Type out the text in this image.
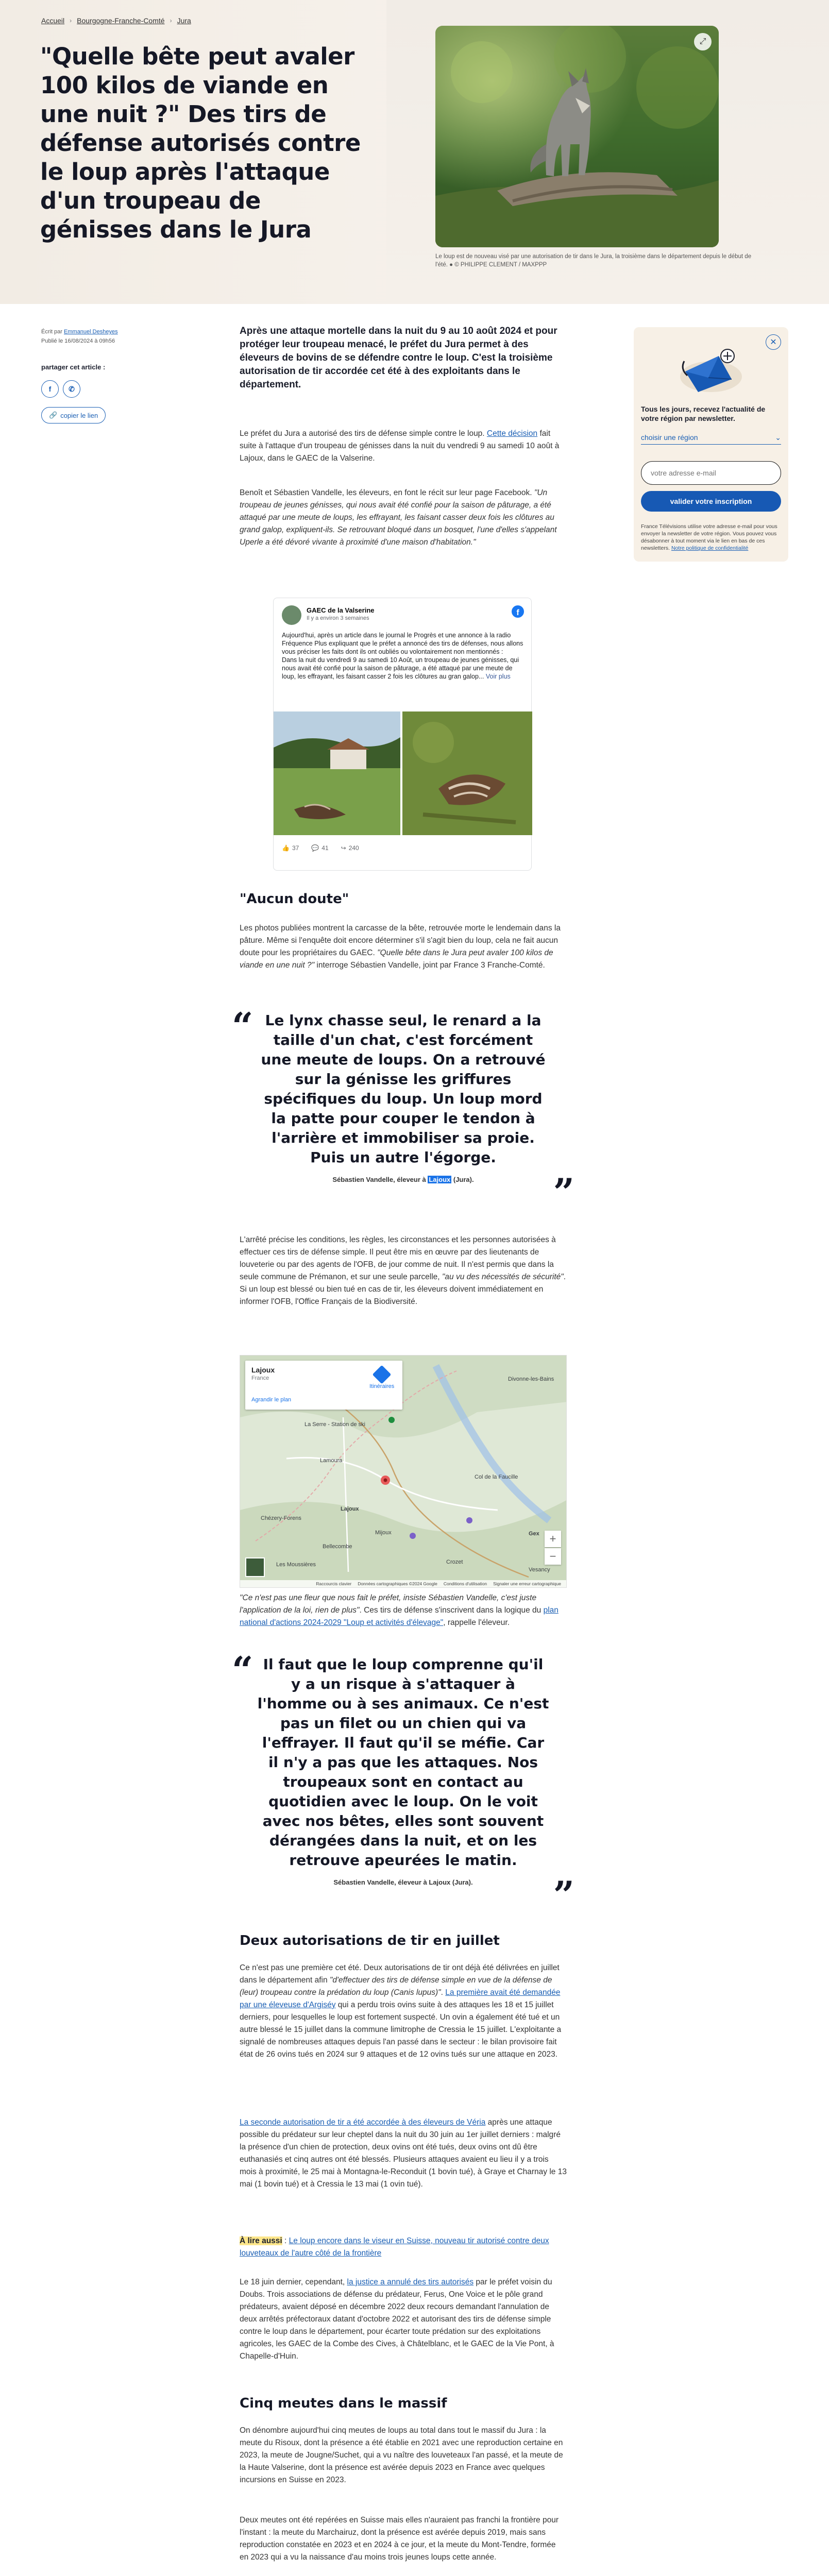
Accueil › Bourgogne-Franche-Comté › Jura
"Quelle bête peut avaler 100 kilos de viande en une nuit ?" Des tirs de défense autorisés contre le loup après l'attaque d'un troupeau de génisses dans le Jura
⤢

Le loup est de nouveau visé par une autorisation de tir dans le Jura, la troisième dans le département depuis le début de l'été. ● © PHILIPPE CLEMENT / MAXPPP

Écrit par Emmanuel Desheyes
Publié le 16/08/2024 à 09h56
partager cet article :
f ✆
🔗 copier le lien
✕

Tous les jours, recevez l'actualité de votre région par newsletter.

choisir une région	⌄
votre adresse e-mail
valider votre inscription

France Télévisions utilise votre adresse e-mail pour vous envoyer la newsletter de votre région. Vous pouvez vous désabonner à tout moment via le lien en bas de ces newsletters. Notre politique de confidentialité

Après une attaque mortelle dans la nuit du 9 au 10 août 2024 et pour protéger leur troupeau menacé, le préfet du Jura permet à des éleveurs de bovins de se défendre contre le loup. C'est la troisième autorisation de tir accordée cet été à des exploitants dans le département.

Le préfet du Jura a autorisé des tirs de défense simple contre le loup. Cette décision fait suite à l'attaque d'un troupeau de génisses dans la nuit du vendredi 9 au samedi 10 août à Lajoux, dans le GAEC de la Valserine.

Benoît et Sébastien Vandelle, les éleveurs, en font le récit sur leur page Facebook. "Un troupeau de jeunes génisses, qui nous avait été confié pour la saison de pâturage, a été attaqué par une meute de loups, les effrayant, les faisant casser deux fois les clôtures au grand galop, expliquent-ils. Se retrouvant bloqué dans un bosquet, l'une d'elles s'appelant Uperle a été dévoré vivante à proximité d'une maison d'habitation."

GAEC de la Valserine
Il y a environ 3 semaines
f
Aujourd'hui, après un article dans le journal le Progrès et une annonce à la radio Fréquence Plus expliquant que le préfet a annoncé des tirs de défenses, nous allons vous préciser les faits dont ils ont oubliés ou volontairement non mentionnés :
Dans la nuit du vendredi 9 au samedi 10 Août, un troupeau de jeunes génisses, qui nous avait été confié pour la saison de pâturage, a été attaqué par une meute de loup, les effrayant, les faisant casser 2 fois les clôtures au gran galop... Voir plus
👍 37 💬 41 ↪ 240
"Aucun doute"

Les photos publiées montrent la carcasse de la bête, retrouvée morte le lendemain dans la pâture. Même si l'enquête doit encore déterminer s'il s'agit bien du loup, cela ne fait aucun doute pour les propriétaires du GAEC. "Quelle bête dans le Jura peut avaler 100 kilos de viande en une nuit ?" interroge Sébastien Vandelle, joint par France 3 Franche-Comté.

“ Le lynx chasse seul, le renard a la taille d'un chat, c'est forcément une meute de loups. On a retrouvé sur la génisse les griffures spécifiques du loup. Un loup mord la patte pour couper le tendon à l'arrière et immobiliser sa proie. Puis un autre l'égorge.

”

Sébastien Vandelle, éleveur à Lajoux (Jura).

L'arrêté précise les conditions, les règles, les circonstances et les personnes autorisées à effectuer ces tirs de défense simple. Il peut être mis en œuvre par des lieutenants de louveterie ou par des agents de l'OFB, de jour comme de nuit. Il n'est permis que dans la seule commune de Prémanon, et sur une seule parcelle, "au vu des nécessités de sécurité". Si un loup est blessé ou bien tué en cas de tir, les éleveurs doivent immédiatement en informer l'OFB, l'Office Français de la Biodiversité.

Lamoura
La Serre - Station de ski
Lajoux
Mijoux
Col de la Faucille
Gex
Divonne-les-Bains
Crozet
Les Moussières
Bellecombe
Chézery-Forens
Vesancy
Lajoux
France
Agrandir le plan
Itinéraires
+
−
Raccourcis clavier Données cartographiques ©2024 Google Conditions d'utilisation Signaler une erreur cartographique

"Ce n'est pas une fleur que nous fait le préfet, insiste Sébastien Vandelle, c'est juste l'application de la loi, rien de plus". Ces tirs de défense s'inscrivent dans la logique du plan national d'actions 2024-2029 "Loup et activités d'élevage", rappelle l'éleveur.

“ Il faut que le loup comprenne qu'il y a un risque à s'attaquer à l'homme ou à ses animaux. Ce n'est pas un filet ou un chien qui va l'effrayer. Il faut qu'il se méfie. Car il n'y a pas que les attaques. Nos troupeaux sont en contact au quotidien avec le loup. On le voit avec nos bêtes, elles sont souvent dérangées dans la nuit, et on les retrouve apeurées le matin.

”

Sébastien Vandelle, éleveur à Lajoux (Jura).

Deux autorisations de tir en juillet

Ce n'est pas une première cet été. Deux autorisations de tir ont déjà été délivrées en juillet dans le département afin "d'effectuer des tirs de défense simple en vue de la défense de (leur) troupeau contre la prédation du loup (Canis lupus)". La première avait été demandée par une éleveuse d'Argiséy qui a perdu trois ovins suite à des attaques les 18 et 15 juillet derniers, pour lesquelles le loup est fortement suspecté. Un ovin a également été tué et un autre blessé le 15 juillet dans la commune limitrophe de Cressia le 15 juillet. L'exploitante a signalé de nombreuses attaques depuis l'an passé dans le secteur : le bilan provisoire fait état de 26 ovins tués en 2024 sur 9 attaques et de 12 ovins tués sur une attaque en 2023.

La seconde autorisation de tir a été accordée à des éleveurs de Véria après une attaque possible du prédateur sur leur cheptel dans la nuit du 30 juin au 1er juillet derniers : malgré la présence d'un chien de protection, deux ovins ont été tués, deux ovins ont dû être euthanasiés et cinq autres ont été blessés. Plusieurs attaques avaient eu lieu il y a trois mois à proximité, le 25 mai à Montagna-le-Reconduit (1 bovin tué), à Graye et Charnay le 13 mai (1 bovin tué) et à Cressia le 13 mai (1 ovin tué).

À lire aussi : Le loup encore dans le viseur en Suisse, nouveau tir autorisé contre deux louveteaux de l'autre côté de la frontière

Le 18 juin dernier, cependant, la justice a annulé des tirs autorisés par le préfet voisin du Doubs. Trois associations de défense du prédateur, Ferus, One Voice et le pôle grand prédateurs, avaient déposé en décembre 2022 deux recours demandant l'annulation de deux arrêtés préfectoraux datant d'octobre 2022 et autorisant des tirs de défense simple contre le loup dans le département, pour écarter toute prédation sur des exploitations agricoles, les GAEC de la Combe des Cives, à Châtelblanc, et le GAEC de la Vie Pont, à Chapelle-d'Huin.

Cinq meutes dans le massif

On dénombre aujourd'hui cinq meutes de loups au total dans tout le massif du Jura : la meute du Risoux, dont la présence a été établie en 2021 avec une reproduction certaine en 2023, la meute de Jougne/Suchet, qui a vu naître des louveteaux l'an passé, et la meute de la Haute Valserine, dont la présence est avérée depuis 2023 en France avec quelques incursions en Suisse en 2023.

Deux meutes ont été repérées en Suisse mais elles n'auraient pas franchi la frontière pour l'instant : la meute du Marchairuz, dont la présence est avérée depuis 2019, mais sans reproduction constatée en 2023 et en 2024 à ce jour, et la meute du Mont-Tendre, formée en 2023 qui a vu la naissance d'au moins trois jeunes loups cette année.
